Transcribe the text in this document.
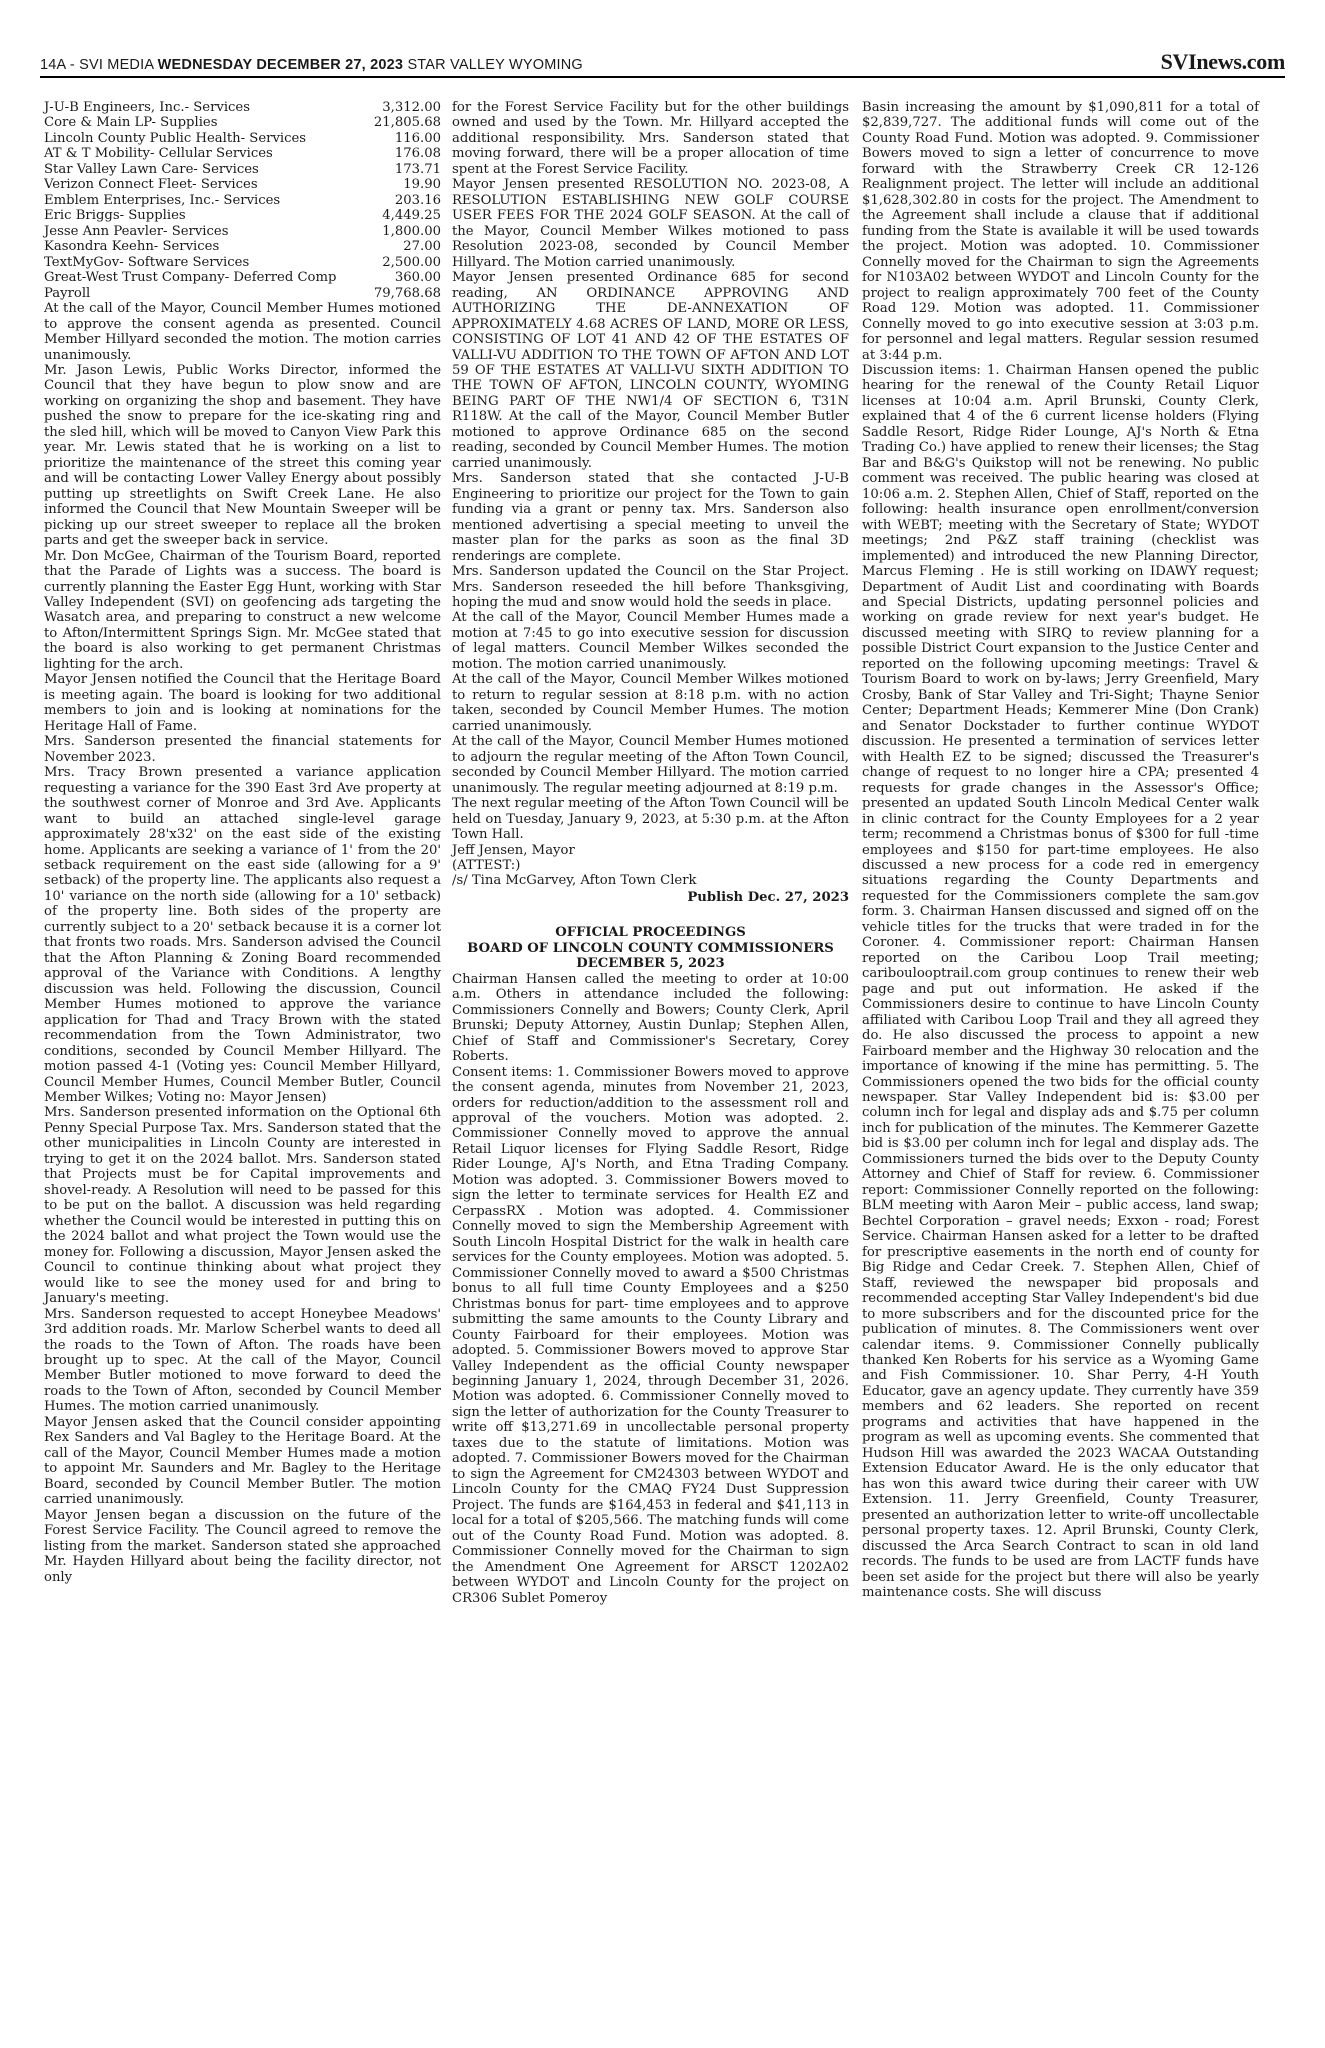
14A - SVI MEDIA WEDNESDAY DECEMBER 27, 2023 STAR VALLEY WYOMING	SVInews.com
J-U-B Engineers, Inc.- Services	3,312.00
Core & Main LP- Supplies	21,805.68
Lincoln County Public Health- Services	116.00
AT & T Mobility- Cellular Services	176.08
Star Valley Lawn Care- Services	173.71
Verizon Connect Fleet- Services	19.90
Emblem Enterprises, Inc.- Services	203.16
Eric Briggs- Supplies	4,449.25
Jesse Ann Peavler- Services	1,800.00
Kasondra Keehn- Services	27.00
TextMyGov- Software Services	2,500.00
Great-West Trust Company- Deferred Comp	360.00
Payroll	79,768.68

At the call of the Mayor, Council Member Humes motioned to approve the consent agenda as presented. Council Member Hillyard seconded the motion. The motion carries unanimously.

Mr. Jason Lewis, Public Works Director, informed the Council that they have begun to plow snow and are working on organizing the shop and basement. They have pushed the snow to prepare for the ice-skating ring and the sled hill, which will be moved to Canyon View Park this year. Mr. Lewis stated that he is working on a list to prioritize the maintenance of the street this coming year and will be contacting Lower Valley Energy about possibly putting up streetlights on Swift Creek Lane. He also informed the Council that New Mountain Sweeper will be picking up our street sweeper to replace all the broken parts and get the sweeper back in service.

Mr. Don McGee, Chairman of the Tourism Board, reported that the Parade of Lights was a success. The board is currently planning the Easter Egg Hunt, working with Star Valley Independent (SVI) on geofencing ads targeting the Wasatch area, and preparing to construct a new welcome to Afton/Intermittent Springs Sign. Mr. McGee stated that the board is also working to get permanent Christmas lighting for the arch.

Mayor Jensen notified the Council that the Heritage Board is meeting again. The board is looking for two additional members to join and is looking at nominations for the Heritage Hall of Fame.

Mrs. Sanderson presented the financial statements for November 2023.

Mrs. Tracy Brown presented a variance application requesting a variance for the 390 East 3rd Ave property at the southwest corner of Monroe and 3rd Ave. Applicants want to build an attached single-level garage approximately 28'x32' on the east side of the existing home. Applicants are seeking a variance of 1' from the 20' setback requirement on the east side (allowing for a 9' setback) of the property line. The applicants also request a 10' variance on the north side (allowing for a 10' setback) of the property line. Both sides of the property are currently subject to a 20' setback because it is a corner lot that fronts two roads. Mrs. Sanderson advised the Council that the Afton Planning & Zoning Board recommended approval of the Variance with Conditions. A lengthy discussion was held. Following the discussion, Council Member Humes motioned to approve the variance application for Thad and Tracy Brown with the stated recommendation from the Town Administrator, two conditions, seconded by Council Member Hillyard. The motion passed 4-1 (Voting yes: Council Member Hillyard, Council Member Humes, Council Member Butler, Council Member Wilkes; Voting no: Mayor Jensen)

Mrs. Sanderson presented information on the Optional 6th Penny Special Purpose Tax. Mrs. Sanderson stated that the other municipalities in Lincoln County are interested in trying to get it on the 2024 ballot. Mrs. Sanderson stated that Projects must be for Capital improvements and shovel-ready. A Resolution will need to be passed for this to be put on the ballot. A discussion was held regarding whether the Council would be interested in putting this on the 2024 ballot and what project the Town would use the money for. Following a discussion, Mayor Jensen asked the Council to continue thinking about what project they would like to see the money used for and bring to January's meeting.

Mrs. Sanderson requested to accept Honeybee Meadows' 3rd addition roads. Mr. Marlow Scherbel wants to deed all the roads to the Town of Afton. The roads have been brought up to spec. At the call of the Mayor, Council Member Butler motioned to move forward to deed the roads to the Town of Afton, seconded by Council Member Humes. The motion carried unanimously.

Mayor Jensen asked that the Council consider appointing Rex Sanders and Val Bagley to the Heritage Board. At the call of the Mayor, Council Member Humes made a motion to appoint Mr. Saunders and Mr. Bagley to the Heritage Board, seconded by Council Member Butler. The motion carried unanimously.

Mayor Jensen began a discussion on the future of the Forest Service Facility. The Council agreed to remove the listing from the market. Sanderson stated she approached Mr. Hayden Hillyard about being the facility director, not only

for the Forest Service Facility but for the other buildings owned and used by the Town. Mr. Hillyard accepted the additional responsibility. Mrs. Sanderson stated that moving forward, there will be a proper allocation of time spent at the Forest Service Facility.

Mayor Jensen presented RESOLUTION NO. 2023-08, A RESOLUTION ESTABLISHING NEW GOLF COURSE USER FEES FOR THE 2024 GOLF SEASON. At the call of the Mayor, Council Member Wilkes motioned to pass Resolution 2023-08, seconded by Council Member Hillyard. The Motion carried unanimously.

Mayor Jensen presented Ordinance 685 for second reading, AN ORDINANCE APPROVING AND AUTHORIZING THE DE-ANNEXATION OF APPROXIMATELY 4.68 ACRES OF LAND, MORE OR LESS, CONSISTING OF LOT 41 AND 42 OF THE ESTATES OF VALLI-VU ADDITION TO THE TOWN OF AFTON AND LOT 59 OF THE ESTATES AT VALLI-VU SIXTH ADDITION TO THE TOWN OF AFTON, LINCOLN COUNTY, WYOMING BEING PART OF THE NW1/4 OF SECTION 6, T31N R118W. At the call of the Mayor, Council Member Butler motioned to approve Ordinance 685 on the second reading, seconded by Council Member Humes. The motion carried unanimously.

Mrs. Sanderson stated that she contacted J-U-B Engineering to prioritize our project for the Town to gain funding via a grant or penny tax. Mrs. Sanderson also mentioned advertising a special meeting to unveil the master plan for the parks as soon as the final 3D renderings are complete.

Mrs. Sanderson updated the Council on the Star Project. Mrs. Sanderson reseeded the hill before Thanksgiving, hoping the mud and snow would hold the seeds in place.

At the call of the Mayor, Council Member Humes made a motion at 7:45 to go into executive session for discussion of legal matters. Council Member Wilkes seconded the motion. The motion carried unanimously.

At the call of the Mayor, Council Member Wilkes motioned to return to regular session at 8:18 p.m. with no action taken, seconded by Council Member Humes. The motion carried unanimously.

At the call of the Mayor, Council Member Humes motioned to adjourn the regular meeting of the Afton Town Council, seconded by Council Member Hillyard. The motion carried unanimously. The regular meeting adjourned at 8:19 p.m.

The next regular meeting of the Afton Town Council will be held on Tuesday, January 9, 2023, at 5:30 p.m. at the Afton Town Hall.

Jeff Jensen, Mayor

(ATTEST:)

/s/ Tina McGarvey, Afton Town Clerk

Publish Dec. 27, 2023

OFFICIAL PROCEEDINGS
BOARD OF LINCOLN COUNTY COMMISSIONERS
DECEMBER 5, 2023

Chairman Hansen called the meeting to order at 10:00 a.m. Others in attendance included the following: Commissioners Connelly and Bowers; County Clerk, April Brunski; Deputy Attorney, Austin Dunlap; Stephen Allen, Chief of Staff and Commissioner's Secretary, Corey Roberts.

Consent items: 1. Commissioner Bowers moved to approve the consent agenda, minutes from November 21, 2023, orders for reduction/addition to the assessment roll and approval of the vouchers. Motion was adopted. 2. Commissioner Connelly moved to approve the annual Retail Liquor licenses for Flying Saddle Resort, Ridge Rider Lounge, AJ's North, and Etna Trading Company. Motion was adopted. 3. Commissioner Bowers moved to sign the letter to terminate services for Health EZ and CerpassRX . Motion was adopted. 4. Commissioner Connelly moved to sign the Membership Agreement with South Lincoln Hospital District for the walk in health care services for the County employees. Motion was adopted. 5. Commissioner Connelly moved to award a $500 Christmas bonus to all full time County Employees and a $250 Christmas bonus for part- time employees and to approve submitting the same amounts to the County Library and County Fairboard for their employees. Motion was adopted. 5. Commissioner Bowers moved to approve Star Valley Independent as the official County newspaper beginning January 1, 2024, through December 31, 2026. Motion was adopted. 6. Commissioner Connelly moved to sign the letter of authorization for the County Treasurer to write off $13,271.69 in uncollectable personal property taxes due to the statute of limitations. Motion was adopted. 7. Commissioner Bowers moved for the Chairman to sign the Agreement for CM24303 between WYDOT and Lincoln County for the CMAQ FY24 Dust Suppression Project. The funds are $164,453 in federal and $41,113 in local for a total of $205,566. The matching funds will come out of the County Road Fund. Motion was adopted. 8. Commissioner Connelly moved for the Chairman to sign the Amendment One Agreement for ARSCT 1202A02 between WYDOT and Lincoln County for the project on CR306 Sublet Pomeroy

Basin increasing the amount by $1,090,811 for a total of $2,839,727. The additional funds will come out of the County Road Fund. Motion was adopted. 9. Commissioner Bowers moved to sign a letter of concurrence to move forward with the Strawberry Creek CR 12-126 Realignment project. The letter will include an additional $1,628,302.80 in costs for the project. The Amendment to the Agreement shall include a clause that if additional funding from the State is available it will be used towards the project. Motion was adopted. 10. Commissioner Connelly moved for the Chairman to sign the Agreements for N103A02 between WYDOT and Lincoln County for the project to realign approximately 700 feet of the County Road 129. Motion was adopted. 11. Commissioner Connelly moved to go into executive session at 3:03 p.m. for personnel and legal matters. Regular session resumed at 3:44 p.m.

Discussion items: 1. Chairman Hansen opened the public hearing for the renewal of the County Retail Liquor licenses at 10:04 a.m. April Brunski, County Clerk, explained that 4 of the 6 current license holders (Flying Saddle Resort, Ridge Rider Lounge, AJ's North & Etna Trading Co.) have applied to renew their licenses; the Stag Bar and B&G's Quikstop will not be renewing. No public comment was received. The public hearing was closed at 10:06 a.m. 2. Stephen Allen, Chief of Staff, reported on the following: health insurance open enrollment/conversion with WEBT; meeting with the Secretary of State; WYDOT meetings; 2nd P&Z staff training (checklist was implemented) and introduced the new Planning Director, Marcus Fleming . He is still working on IDAWY request; Department of Audit List and coordinating with Boards and Special Districts, updating personnel policies and working on grade review for next year's budget. He discussed meeting with SIRQ to review planning for a possible District Court expansion to the Justice Center and reported on the following upcoming meetings: Travel & Tourism Board to work on by-laws; Jerry Greenfield, Mary Crosby, Bank of Star Valley and Tri-Sight; Thayne Senior Center; Department Heads; Kemmerer Mine (Don Crank) and Senator Dockstader to further continue WYDOT discussion. He presented a termination of services letter with Health EZ to be signed; discussed the Treasurer's change of request to no longer hire a CPA; presented 4 requests for grade changes in the Assessor's Office; presented an updated South Lincoln Medical Center walk in clinic contract for the County Employees for a 2 year term; recommend a Christmas bonus of $300 for full -time employees and $150 for part-time employees. He also discussed a new process for a code red in emergency situations regarding the County Departments and requested for the Commissioners complete the sam.gov form. 3. Chairman Hansen discussed and signed off on the vehicle titles for the trucks that were traded in for the Coroner. 4. Commissioner report: Chairman Hansen reported on the Caribou Loop Trail meeting; cariboulooptrail.com group continues to renew their web page and put out information. He asked if the Commissioners desire to continue to have Lincoln County affiliated with Caribou Loop Trail and they all agreed they do. He also discussed the process to appoint a new Fairboard member and the Highway 30 relocation and the importance of knowing if the mine has permitting. 5. The Commissioners opened the two bids for the official county newspaper. Star Valley Independent bid is: $3.00 per column inch for legal and display ads and $.75 per column inch for publication of the minutes. The Kemmerer Gazette bid is $3.00 per column inch for legal and display ads. The Commissioners turned the bids over to the Deputy County Attorney and Chief of Staff for review. 6. Commissioner report: Commissioner Connelly reported on the following: BLM meeting with Aaron Meir – public access, land swap; Bechtel Corporation – gravel needs; Exxon - road; Forest Service. Chairman Hansen asked for a letter to be drafted for prescriptive easements in the north end of county for Big Ridge and Cedar Creek. 7. Stephen Allen, Chief of Staff, reviewed the newspaper bid proposals and recommended accepting Star Valley Independent's bid due to more subscribers and for the discounted price for the publication of minutes. 8. The Commissioners went over calendar items. 9. Commissioner Connelly publically thanked Ken Roberts for his service as a Wyoming Game and Fish Commissioner. 10. Shar Perry, 4-H Youth Educator, gave an agency update. They currently have 359 members and 62 leaders. She reported on recent programs and activities that have happened in the program as well as upcoming events. She commented that Hudson Hill was awarded the 2023 WACAA Outstanding Extension Educator Award. He is the only educator that has won this award twice during their career with UW Extension. 11. Jerry Greenfield, County Treasurer, presented an authorization letter to write-off uncollectable personal property taxes. 12. April Brunski, County Clerk, discussed the Arca Search Contract to scan in old land records. The funds to be used are from LACTF funds have been set aside for the project but there will also be yearly maintenance costs. She will discuss
